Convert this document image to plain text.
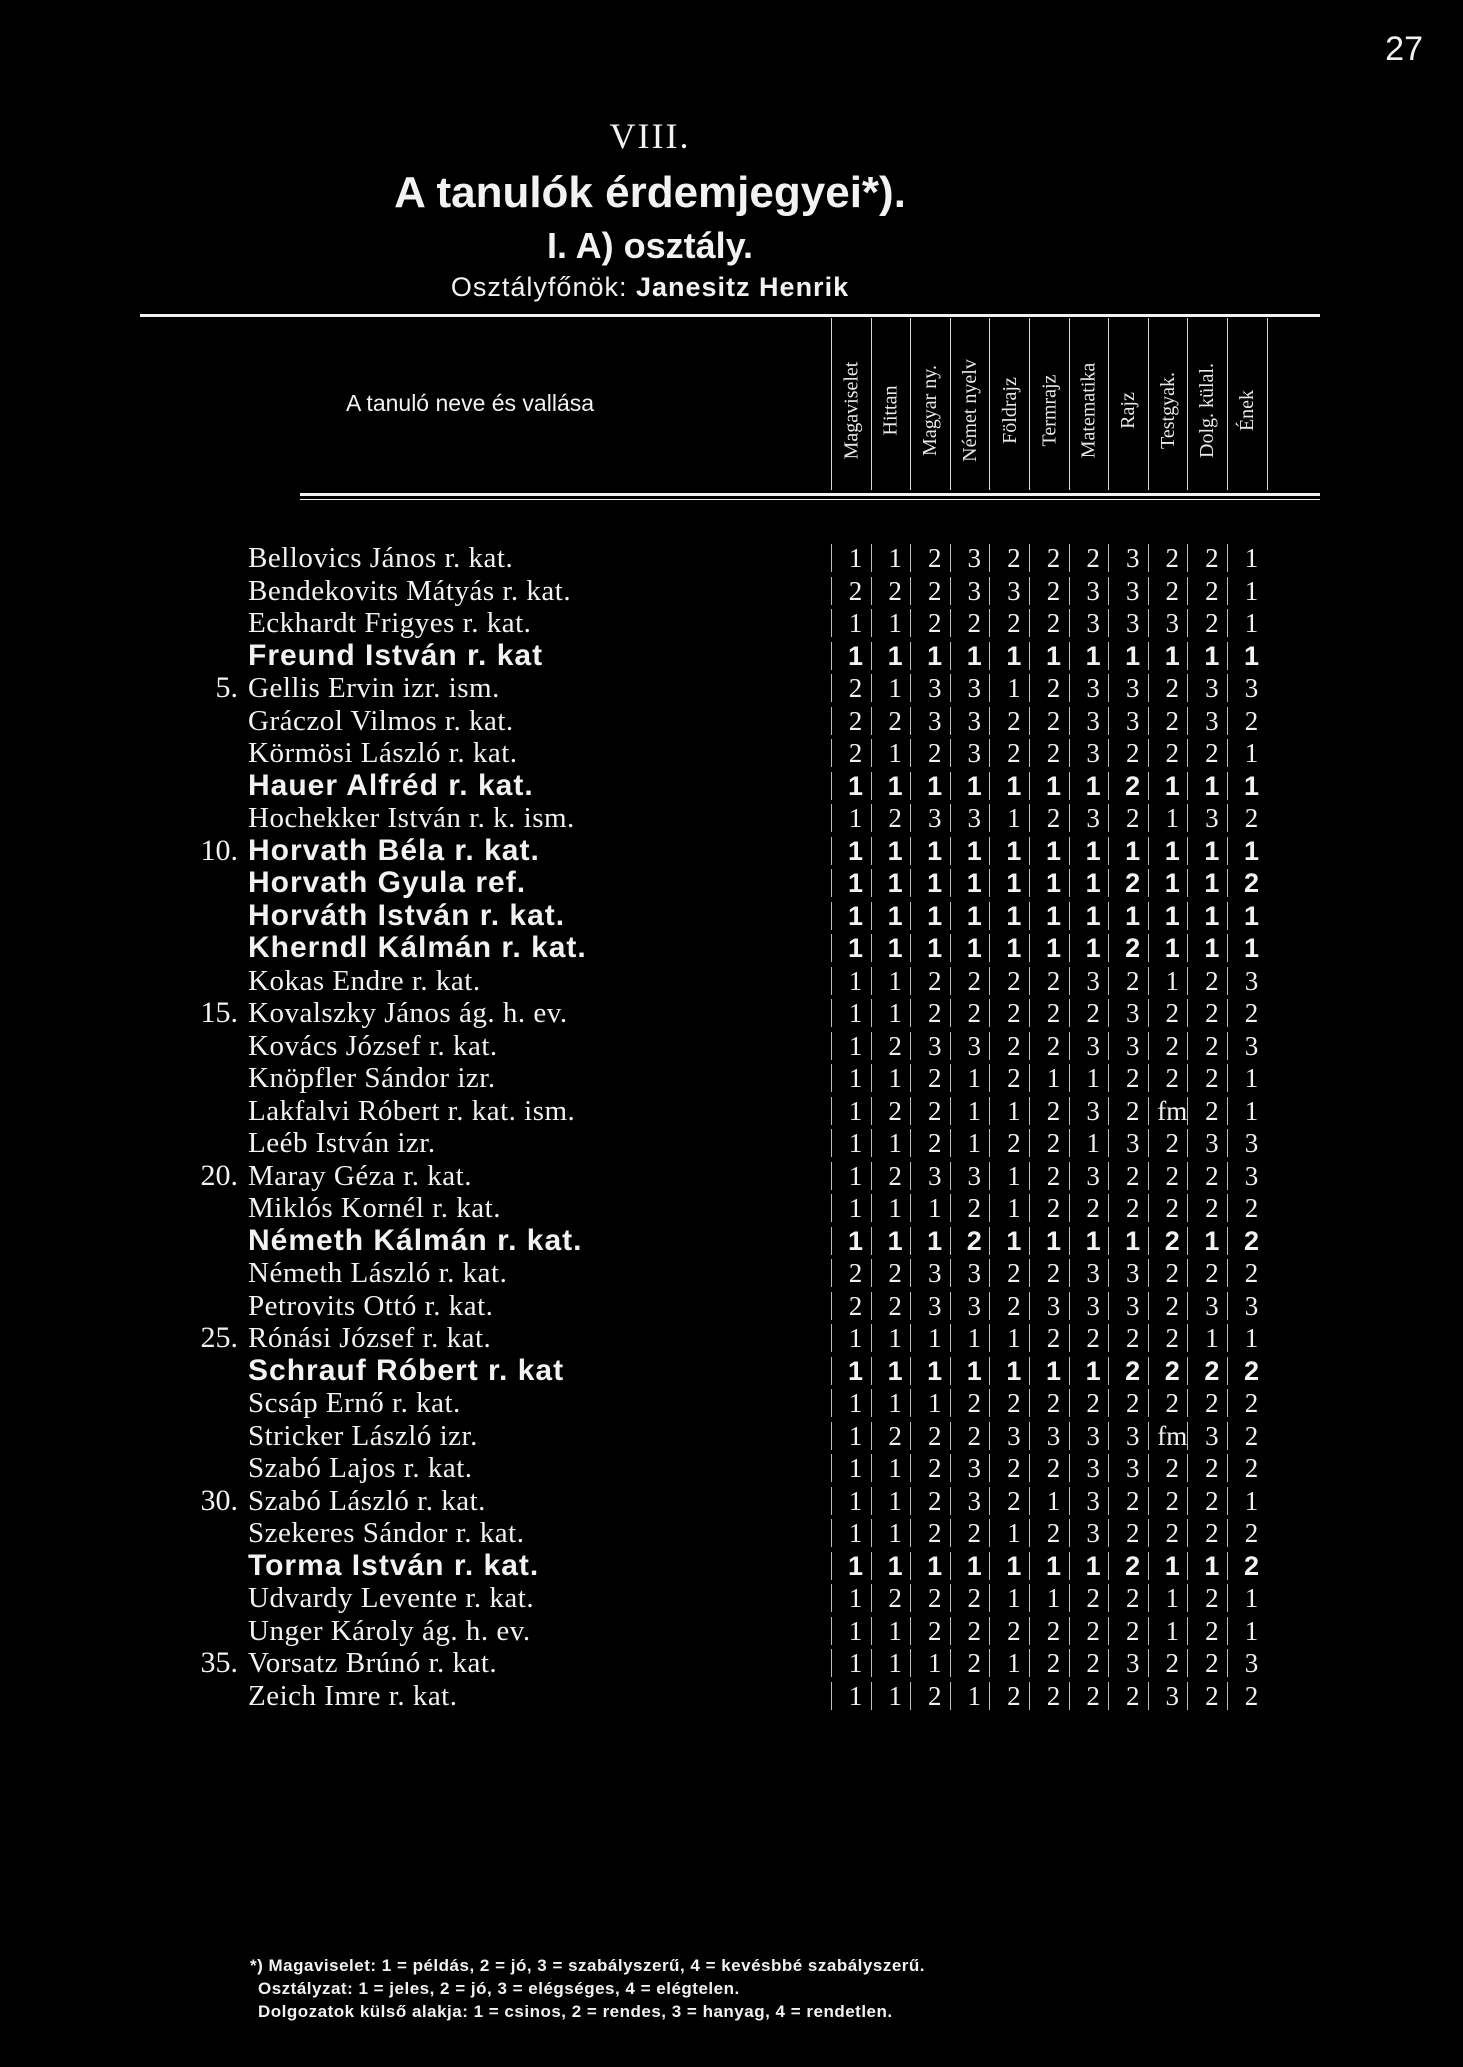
27
VIII.
A tanulók érdemjegyei*).
I. A) osztály.
Osztályfőnök: Janesitz Henrik
A tanuló neve és vallása	Magaviselet Hittan Magyar ny. Német nyelv Földrajz Termrajz Matematika Rajz Testgyak. Dolg. külal. Ének
Bellovics János r. kat.	1 1 2 3 2 2 2 3 2 2 1
Bendekovits Mátyás r. kat.	2 2 2 3 3 2 3 3 2 2 1
Eckhardt Frigyes r. kat.	1 1 2 2 2 2 3 3 3 2 1
Freund István r. kat	1 1 1 1 1 1 1 1 1 1 1
5. Gellis Ervin izr. ism.	2 1 3 3 1 2 3 3 2 3 3
Gráczol Vilmos r. kat.	2 2 3 3 2 2 3 3 2 3 2
Körmösi László r. kat.	2 1 2 3 2 2 3 2 2 2 1
Hauer Alfréd r. kat.	1 1 1 1 1 1 1 2 1 1 1
Hochekker István r. k. ism.	1 2 3 3 1 2 3 2 1 3 2
10. Horvath Béla r. kat.	1 1 1 1 1 1 1 1 1 1 1
Horvath Gyula ref.	1 1 1 1 1 1 1 2 1 1 2
Horváth István r. kat.	1 1 1 1 1 1 1 1 1 1 1
Kherndl Kálmán r. kat.	1 1 1 1 1 1 1 2 1 1 1
Kokas Endre r. kat.	1 1 2 2 2 2 3 2 1 2 3
15. Kovalszky János ág. h. ev.	1 1 2 2 2 2 2 3 2 2 2
Kovács József r. kat.	1 2 3 3 2 2 3 3 2 2 3
Knöpfler Sándor izr.	1 1 2 1 2 1 1 2 2 2 1
Lakfalvi Róbert r. kat. ism.	1 2 2 1 1 2 3 2 fm 2 1
Leéb István izr.	1 1 2 1 2 2 1 3 2 3 3
20. Maray Géza r. kat.	1 2 3 3 1 2 3 2 2 2 3
Miklós Kornél r. kat.	1 1 1 2 1 2 2 2 2 2 2
Németh Kálmán r. kat.	1 1 1 2 1 1 1 1 2 1 2
Németh László r. kat.	2 2 3 3 2 2 3 3 2 2 2
Petrovits Ottó r. kat.	2 2 3 3 2 3 3 3 2 3 3
25. Rónási József r. kat.	1 1 1 1 1 2 2 2 2 1 1
Schrauf Róbert r. kat	1 1 1 1 1 1 1 2 2 2 2
Scsáp Ernő r. kat.	1 1 1 2 2 2 2 2 2 2 2
Stricker László izr.	1 2 2 2 3 3 3 3 fm 3 2
Szabó Lajos r. kat.	1 1 2 3 2 2 3 3 2 2 2
30. Szabó László r. kat.	1 1 2 3 2 1 3 2 2 2 1
Szekeres Sándor r. kat.	1 1 2 2 1 2 3 2 2 2 2
Torma István r. kat.	1 1 1 1 1 1 1 2 1 1 2
Udvardy Levente r. kat.	1 2 2 2 1 1 2 2 1 2 1
Unger Károly ág. h. ev.	1 1 2 2 2 2 2 2 1 2 1
35. Vorsatz Brúnó r. kat.	1 1 1 2 1 2 2 3 2 2 3
Zeich Imre r. kat.	1 1 2 1 2 2 2 2 3 2 2
*) Magaviselet: 1 = példás, 2 = jó, 3 = szabályszerű, 4 = kevésbbé szabályszerű.
Osztályzat: 1 = jeles, 2 = jó, 3 = elégséges, 4 = elégtelen.
Dolgozatok külső alakja: 1 = csinos, 2 = rendes, 3 = hanyag, 4 = rendetlen.
